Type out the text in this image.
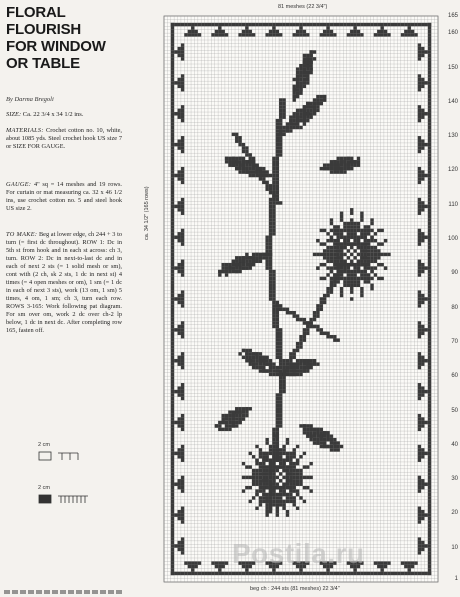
FLORAL
FLOURISH
FOR WINDOW
OR TABLE
By Darma Bregoli
SIZE: Ca. 22 3/4 x 34 1/2 ins.
MATERIALS: Crochet cotton no. 10, white, about 1085 yds. Steel crochet hook US size 7 or SIZE FOR GAUGE.
GAUGE: 4" sq = 14 meshes and 19 rows. For curtain or mat measuring ca. 32 x 46 1/2 ins, use crochet cotton no. 5 and steel hook US size 2.
TO MAKE: Beg at lower edge, ch 244 + 3 to turn (= first dc throughout). ROW 1: Dc in 5th st from hook and in each st across: ch 3, turn. ROW 2: Dc in next-to-last dc and in each of next 2 sts (= 1 solid mesh or sm), cont with (2 ch, sk 2 sts, 1 dc in next st) 4 times (= 4 open meshes or om), 1 sm (= 1 dc in each of next 3 sts), work (13 om, 1 sm) 5 times, 4 om, 1 sm; ch 3, turn each row. ROWS 3-165: Work following pat diagram. For sm over om, work 2 dc over ch-2 lp below, 1 dc in next dc. After completing row 165, fasten off.
2 cm
2 cm
81 meshes (22 3/4")
ca. 34 1/2" (165 rows)
165
160
150
140
130
120
110
100
90
80
70
60
50
40
30
20
10
1
beg ch : 244 sts (81 meshes) 22 3/4"
Postila.ru
